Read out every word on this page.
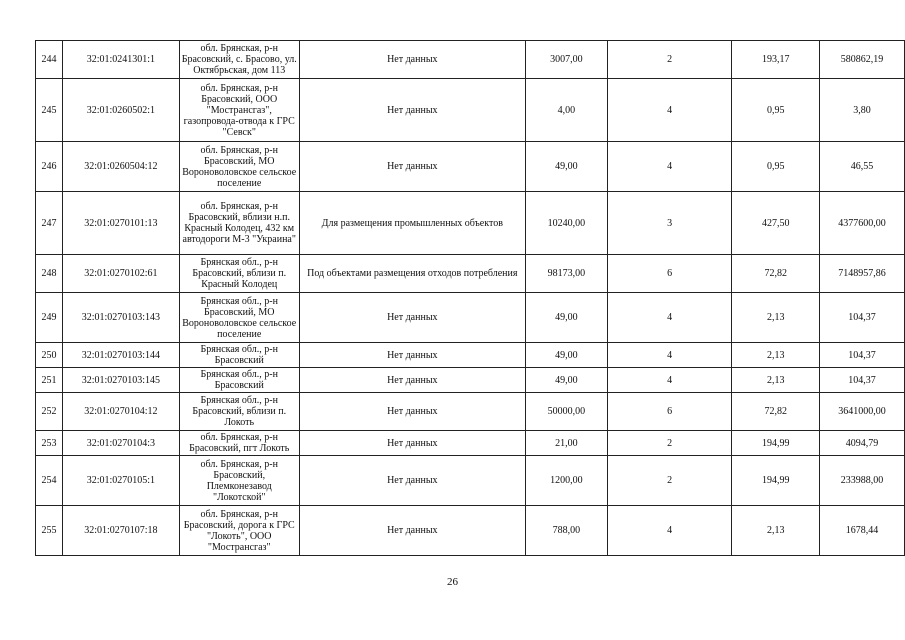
244	32:01:0241301:1	обл. Брянская, р-н Брасовский, с. Брасово, ул. Октябрьская, дом 113	Нет данных	3007,00	2	193,17	580862,19
245	32:01:0260502:1	обл. Брянская, р-н Брасовский, ООО "Мострансгаз", газопровода-отвода к ГРС "Севск"	Нет данных	4,00	4	0,95	3,80
246	32:01:0260504:12	обл. Брянская, р-н Брасовский, МО Вороноволовское сельское поселение	Нет данных	49,00	4	0,95	46,55
247	32:01:0270101:13	обл. Брянская, р-н Брасовский, вблизи н.п. Красный Колодец, 432 км автодороги М-3 "Украина"	Для размещения промышленных объектов	10240,00	3	427,50	4377600,00
248	32:01:0270102:61	Брянская обл., р-н Брасовский, вблизи п. Красный Колодец	Под объектами размещения отходов потребления	98173,00	6	72,82	7148957,86
249	32:01:0270103:143	Брянская обл., р-н Брасовский, МО Вороноволовское сельское поселение	Нет данных	49,00	4	2,13	104,37
250	32:01:0270103:144	Брянская обл., р-н Брасовский	Нет данных	49,00	4	2,13	104,37
251	32:01:0270103:145	Брянская обл., р-н Брасовский	Нет данных	49,00	4	2,13	104,37
252	32:01:0270104:12	Брянская обл., р-н Брасовский, вблизи п. Локоть	Нет данных	50000,00	6	72,82	3641000,00
253	32:01:0270104:3	обл. Брянская, р-н Брасовский, пгт Локоть	Нет данных	21,00	2	194,99	4094,79
254	32:01:0270105:1	обл. Брянская, р-н Брасовский, Племконезавод "Локотской"	Нет данных	1200,00	2	194,99	233988,00
255	32:01:0270107:18	обл. Брянская, р-н Брасовский, дорога к ГРС "Локоть", ООО "Мострансгаз"	Нет данных	788,00	4	2,13	1678,44
26
